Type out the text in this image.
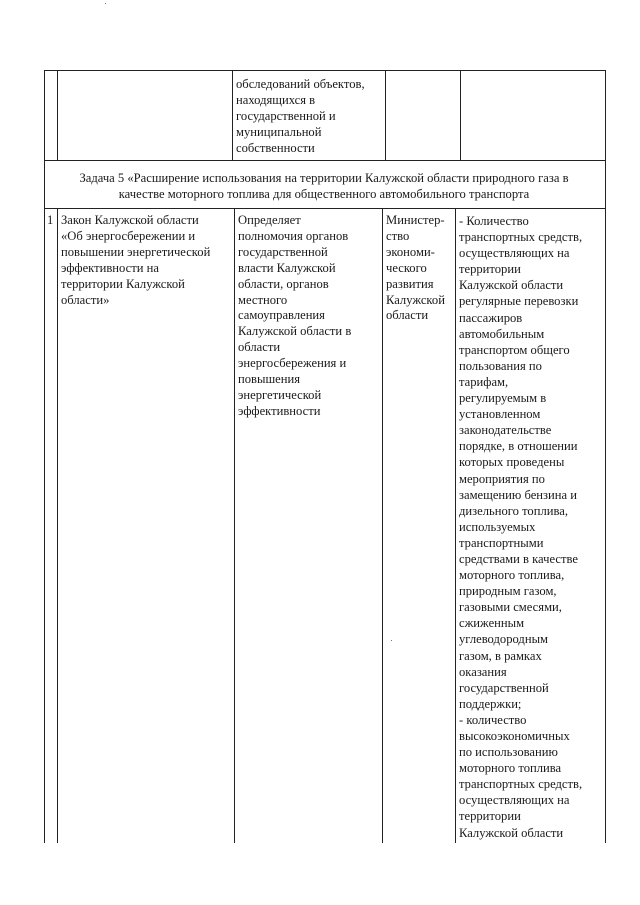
обследований объектов,
находящихся в
государственной и
муниципальной
собственности
Задача 5 «Расширение использования на территории Калужской области природного газа в
качестве моторного топлива для общественного автомобильного транспорта
1 Закон Калужской области
«Об энергосбережении и
повышении энергетической
эффективности на
территории Калужской
области»
Определяет
полномочия органов
государственной
власти Калужской
области, органов
местного
самоуправления
Калужской области в
области
энергосбережения и
повышения
энергетической
эффективности
Министер-
ство
экономи-
ческого
развития
Калужской
области
- Количество
транспортных средств,
осуществляющих на
территории
Калужской области
регулярные перевозки
пассажиров
автомобильным
транспортом общего
пользования по
тарифам,
регулируемым в
установленном
законодательстве
порядке, в отношении
которых проведены
мероприятия по
замещению бензина и
дизельного топлива,
используемых
транспортными
средствами в качестве
моторного топлива,
природным газом,
газовыми смесями,
сжиженным
углеводородным
газом, в рамках
оказания
государственной
поддержки;
- количество
высокоэкономичных
по использованию
моторного топлива
транспортных средств,
осуществляющих на
территории
Калужской области
